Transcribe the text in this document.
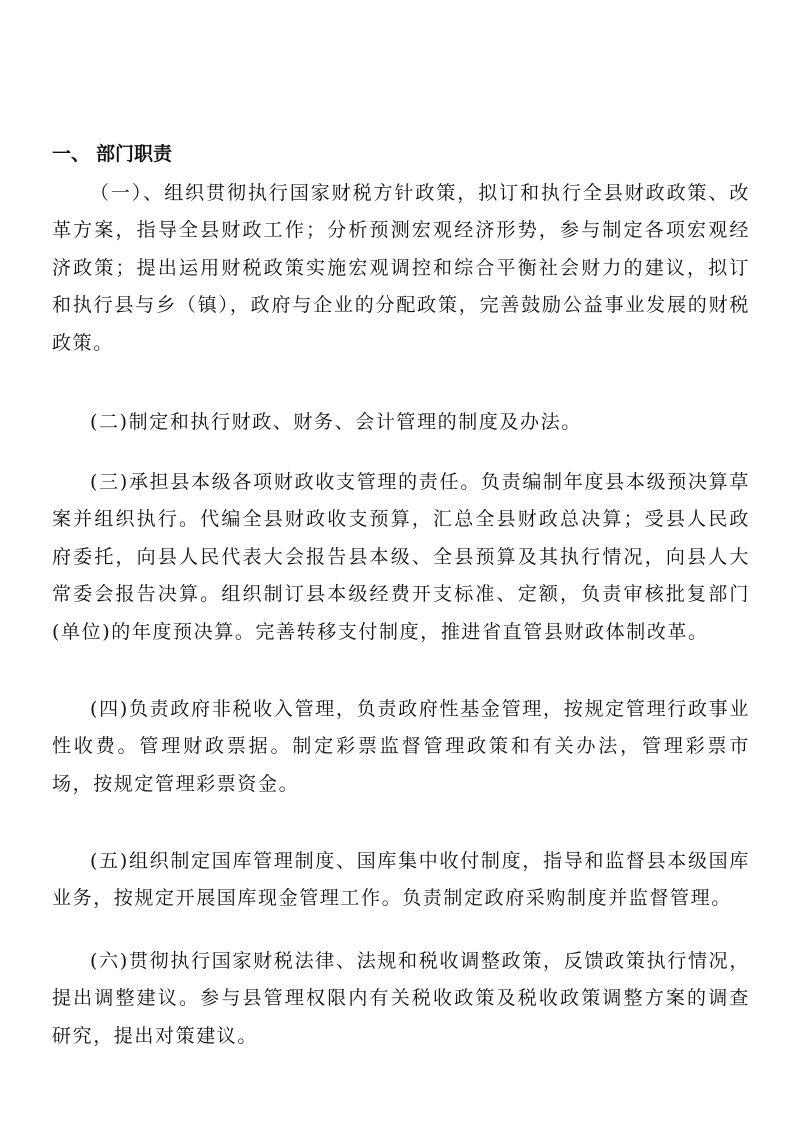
一、 部门职责

（一）、组织贯彻执行国家财税方针政策，拟订和执行全县财政政策、改革方案，指导全县财政工作；分析预测宏观经济形势，参与制定各项宏观经济政策；提出运用财税政策实施宏观调控和综合平衡社会财力的建议，拟订和执行县与乡（镇），政府与企业的分配政策，完善鼓励公益事业发展的财税政策。

(二)制定和执行财政、财务、会计管理的制度及办法。

(三)承担县本级各项财政收支管理的责任。负责编制年度县本级预决算草案并组织执行。代编全县财政收支预算，汇总全县财政总决算；受县人民政府委托，向县人民代表大会报告县本级、全县预算及其执行情况，向县人大常委会报告决算。组织制订县本级经费开支标准、定额，负责审核批复部门(单位)的年度预决算。完善转移支付制度，推进省直管县财政体制改革。

(四)负责政府非税收入管理，负责政府性基金管理，按规定管理行政事业性收费。管理财政票据。制定彩票监督管理政策和有关办法，管理彩票市场，按规定管理彩票资金。

(五)组织制定国库管理制度、国库集中收付制度，指导和监督县本级国库业务，按规定开展国库现金管理工作。负责制定政府采购制度并监督管理。

(六)贯彻执行国家财税法律、法规和税收调整政策，反馈政策执行情况，提出调整建议。参与县管理权限内有关税收政策及税收政策调整方案的调查研究，提出对策建议。
